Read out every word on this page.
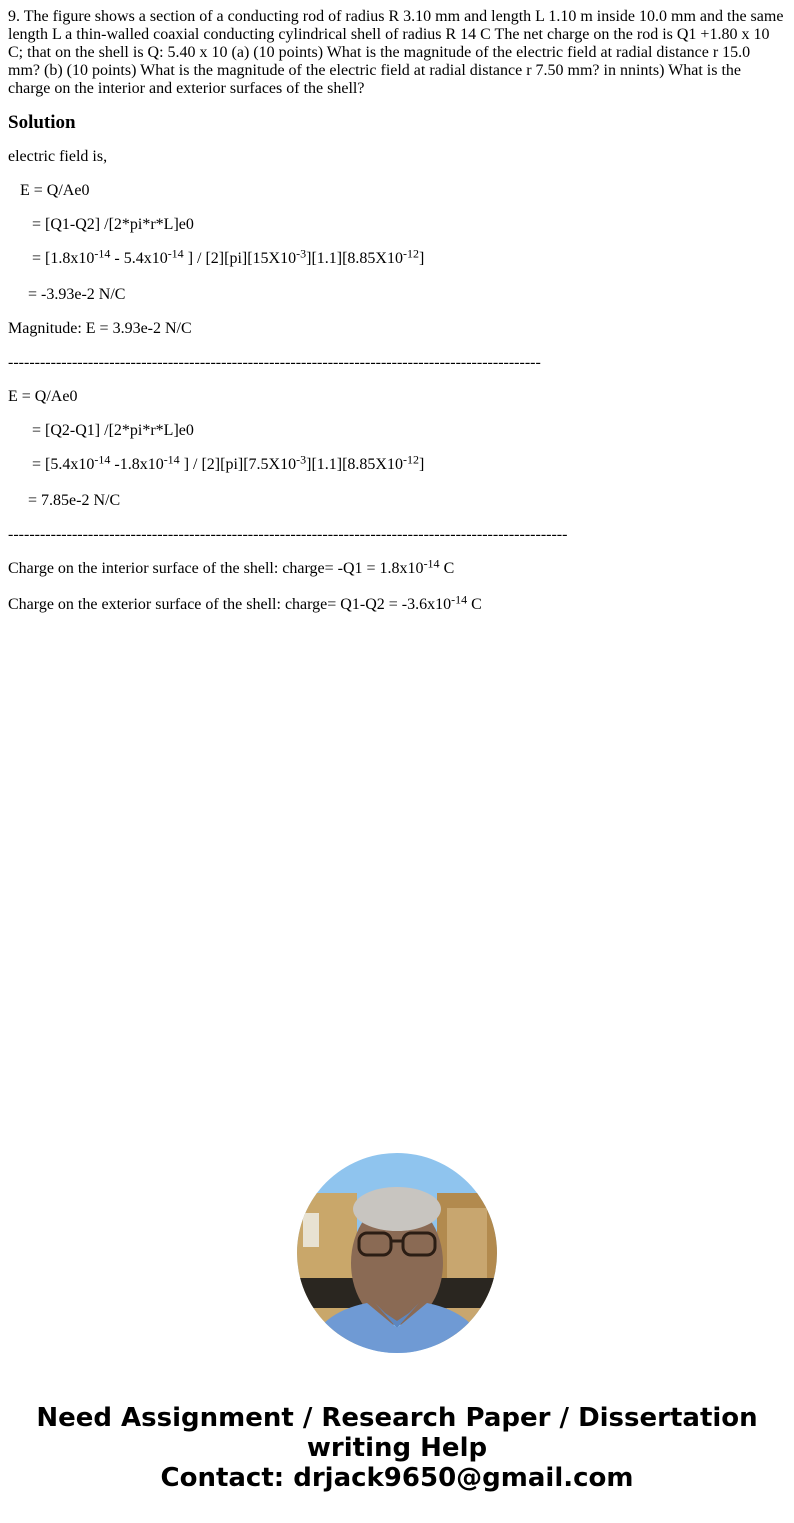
9. The figure shows a section of a conducting rod of radius R 3.10 mm and length L 1.10 m inside 10.0 mm and the same length L a thin-walled coaxial conducting cylindrical shell of radius R 14 C The net charge on the rod is Q1 +1.80 x 10 C; that on the shell is Q: 5.40 x 10 (a) (10 points) What is the magnitude of the electric field at radial distance r 15.0 mm? (b) (10 points) What is the magnitude of the electric field at radial distance r 7.50 mm? in nnints) What is the charge on the interior and exterior surfaces of the shell?

Solution

electric field is,

E = Q/Ae0

= [Q1-Q2] /[2*pi*r*L]e0

= [$1.8x10^{-14} - 5.4x10^{-14}$ ] / $[2][pi][15X10^{-3}][1.1][8.85X10^{-12}]$

= -3.93e-2 N/C

Magnitude: E = 3.93e-2 N/C

----------------------------------------------------------------------------------------------------

E = Q/Ae0

= [Q2-Q1] /[2*pi*r*L]e0

= [$5.4x10^{-14}$ $-1.8x10^{-14}$ ] / $[2][pi][7.5X10^{-3}][1.1][8.85X10^{-12}]$

= 7.85e-2 N/C

---------------------------------------------------------------------------------------------------------

Charge on the interior surface of the shell: charge= $-Q1 = 1.8x10^{-14}$ C

Charge on the exterior surface of the shell: charge= $Q1-Q2 = -3.6x10^{-14}$ C

Need Assignment / Research Paper / Dissertation
writing Help
Contact: drjack9650@gmail.com
